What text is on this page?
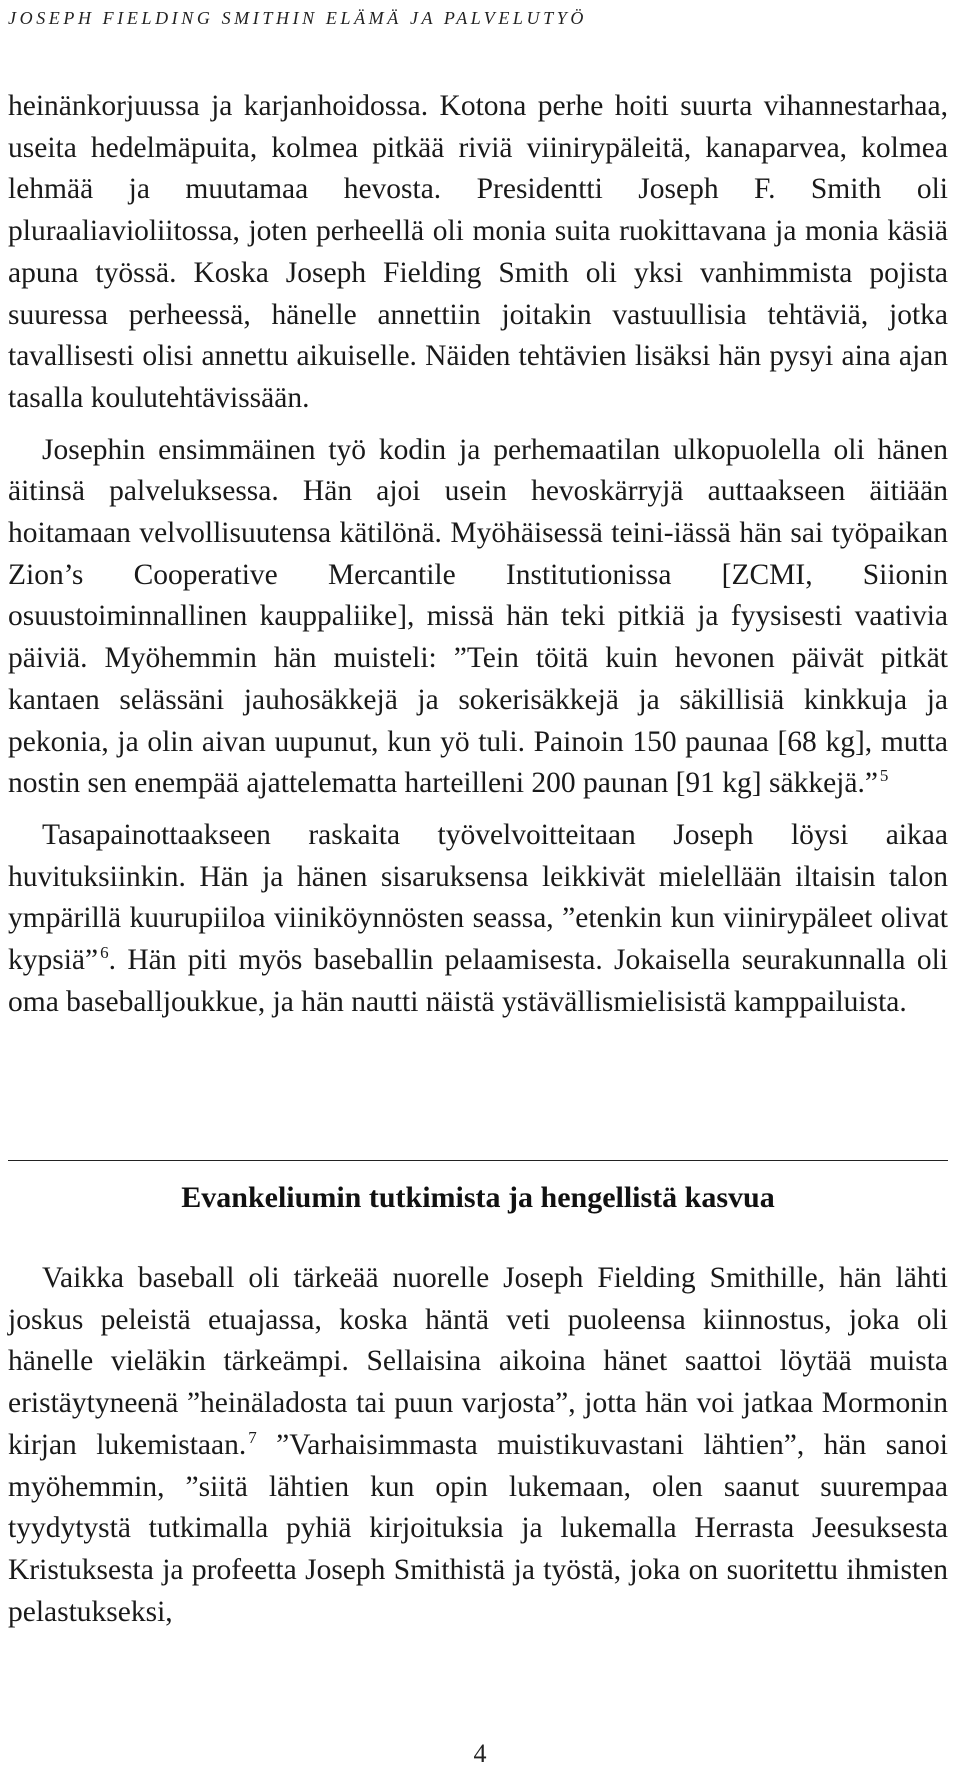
JOSEPH FIELDING SMITHIN ELÄMÄ JA PALVELUTYÖ

heinänkorjuussa ja karjanhoidossa. Kotona perhe hoiti suurta vihannestarhaa, useita hedelmäpuita, kolmea pitkää riviä viinirypäleitä, kanaparvea, kolmea lehmää ja muutamaa hevosta. Presidentti Joseph F. Smith oli pluraaliavioliitossa, joten perheellä oli monia suita ruokittavana ja monia käsiä apuna työssä. Koska Joseph Fielding Smith oli yksi vanhimmista pojista suuressa perheessä, hänelle annettiin joitakin vastuullisia tehtäviä, jotka tavallisesti olisi annettu aikuiselle. Näiden tehtävien lisäksi hän pysyi aina ajan tasalla koulutehtävissään.

Josephin ensimmäinen työ kodin ja perhemaatilan ulkopuolella oli hänen äitinsä palveluksessa. Hän ajoi usein hevoskärryjä auttaakseen äitiään hoitamaan velvollisuutensa kätilönä. Myöhäisessä teini-iässä hän sai työpaikan Zion’s Cooperative Mercantile Institutionissa [ZCMI, Siionin osuustoiminnallinen kauppaliike], missä hän teki pitkiä ja fyysisesti vaativia päiviä. Myöhemmin hän muisteli: ”Tein töitä kuin hevonen päivät pitkät kantaen selässäni jauhosäkkejä ja sokerisäkkejä ja säkillisiä kinkkuja ja pekonia, ja olin aivan uupunut, kun yö tuli. Painoin 150 paunaa [68 kg], mutta nostin sen enempää ajattelematta harteilleni 200 paunan [91 kg] säkkejä.” $^5$

Tasapainottaakseen raskaita työvelvoitteitaan Joseph löysi aikaa huvituksiinkin. Hän ja hänen sisaruksensa leikkivät mielellään iltaisin talon ympärillä kuurupiiloa viiniköynnösten seassa, ”etenkin kun viinirypäleet olivat kypsiä” $^6$. Hän piti myös baseballin pelaamisesta. Jokaisella seurakunnalla oli oma baseballjoukkue, ja hän nautti näistä ystävällismielisistä kamppailuista.

Evankeliumin tutkimista ja hengellistä kasvua

Vaikka baseball oli tärkeää nuorelle Joseph Fielding Smithille, hän lähti joskus peleistä etuajassa, koska häntä veti puoleensa kiinnostus, joka oli hänelle vieläkin tärkeämpi. Sellaisina aikoina hänet saattoi löytää muista eristäytyneenä ”heinäladosta tai puun varjosta”, jotta hän voi jatkaa Mormonin kirjan lukemistaan. $^7$ ”Varhaisimmasta muistikuvastani lähtien”, hän sanoi myöhemmin, ”siitä lähtien kun opin lukemaan, olen saanut suurempaa tyydytystä tutkimalla pyhiä kirjoituksia ja lukemalla Herrasta Jeesuksesta Kristuksesta ja profeetta Joseph Smithistä ja työstä, joka on suoritettu ihmisten pelastukseksi,

4
